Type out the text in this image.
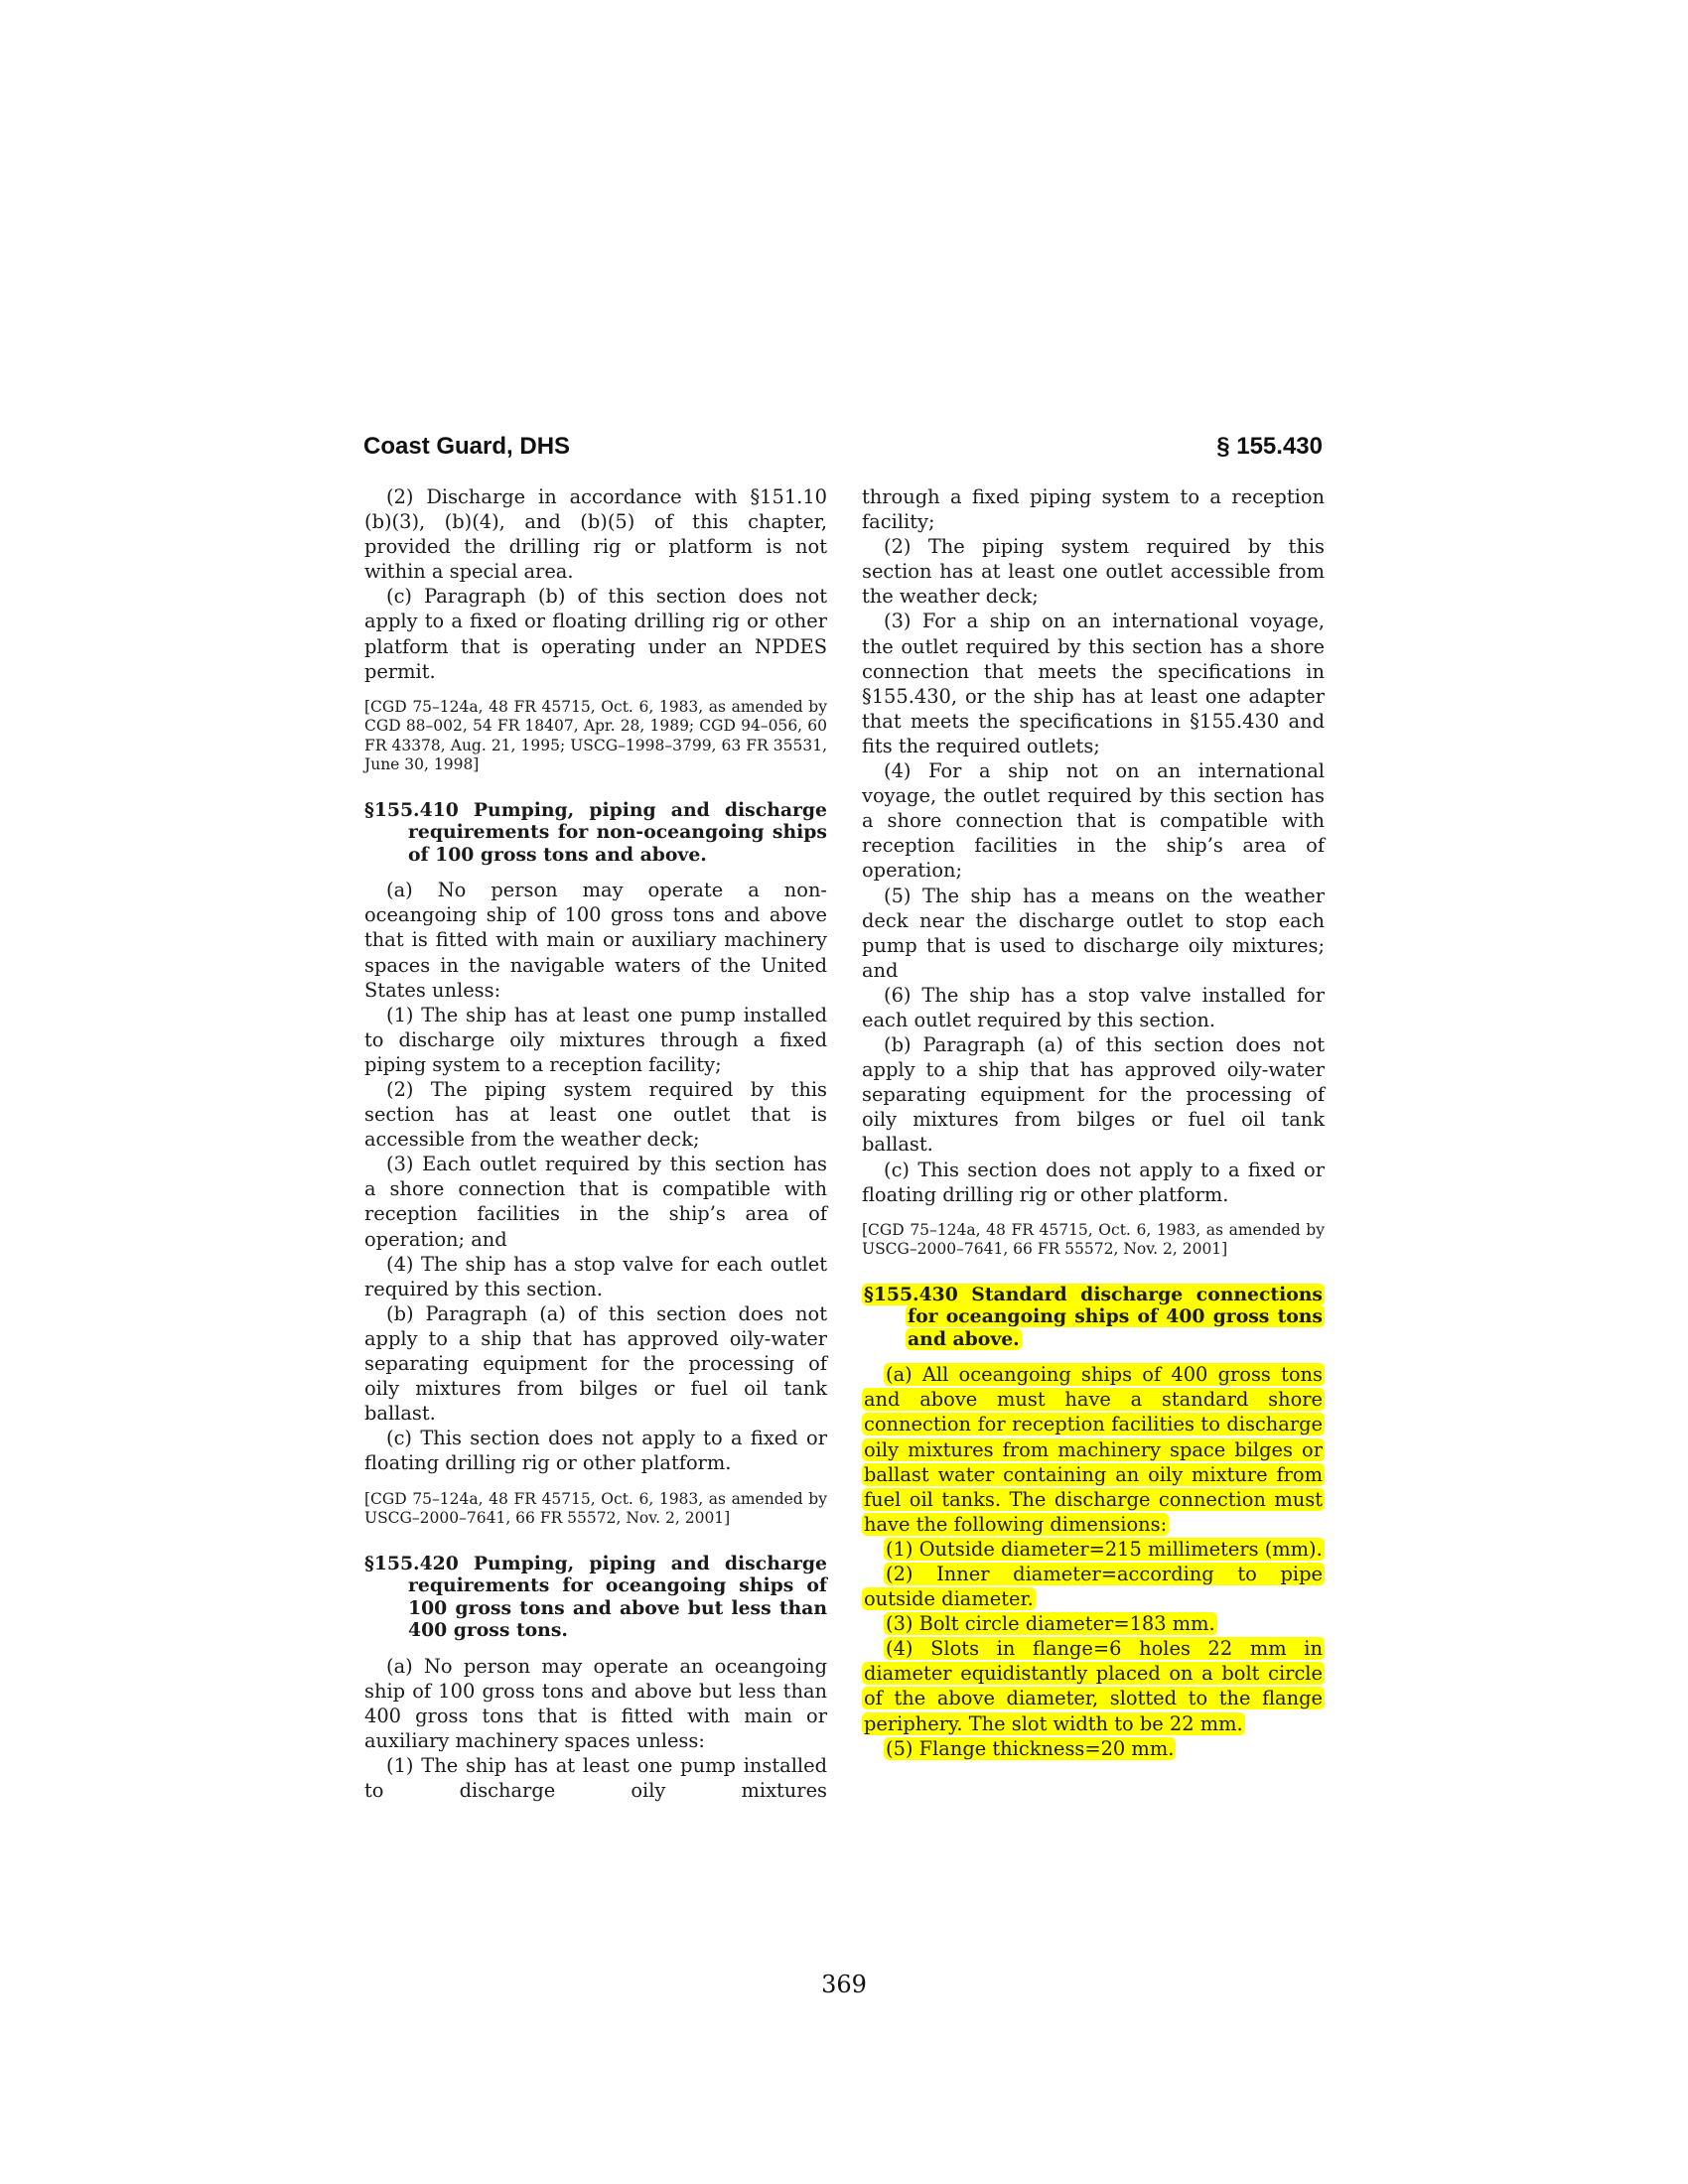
Coast Guard, DHS	§ 155.430

(2) Discharge in accordance with §151.10 (b)(3), (b)(4), and (b)(5) of this chapter, provided the drilling rig or platform is not within a special area.

(c) Paragraph (b) of this section does not apply to a fixed or floating drilling rig or other platform that is operating under an NPDES permit.

[CGD 75–124a, 48 FR 45715, Oct. 6, 1983, as amended by CGD 88–002, 54 FR 18407, Apr. 28, 1989; CGD 94–056, 60 FR 43378, Aug. 21, 1995; USCG–1998–3799, 63 FR 35531, June 30, 1998]

§155.410 Pumping, piping and discharge requirements for non-oceangoing ships of 100 gross tons and above.

(a) No person may operate a non-oceangoing ship of 100 gross tons and above that is fitted with main or auxiliary machinery spaces in the navigable waters of the United States unless:

(1) The ship has at least one pump installed to discharge oily mixtures through a fixed piping system to a reception facility;

(2) The piping system required by this section has at least one outlet that is accessible from the weather deck;

(3) Each outlet required by this section has a shore connection that is compatible with reception facilities in the ship’s area of operation; and

(4) The ship has a stop valve for each outlet required by this section.

(b) Paragraph (a) of this section does not apply to a ship that has approved oily-water separating equipment for the processing of oily mixtures from bilges or fuel oil tank ballast.

(c) This section does not apply to a fixed or floating drilling rig or other platform.

[CGD 75–124a, 48 FR 45715, Oct. 6, 1983, as amended by USCG–2000–7641, 66 FR 55572, Nov. 2, 2001]

§155.420 Pumping, piping and discharge requirements for oceangoing ships of 100 gross tons and above but less than 400 gross tons.

(a) No person may operate an oceangoing ship of 100 gross tons and above but less than 400 gross tons that is fitted with main or auxiliary machinery spaces unless:

(1) The ship has at least one pump installed to discharge oily mixtures

through a fixed piping system to a reception facility;

(2) The piping system required by this section has at least one outlet accessible from the weather deck;

(3) For a ship on an international voyage, the outlet required by this section has a shore connection that meets the specifications in §155.430, or the ship has at least one adapter that meets the specifications in §155.430 and fits the required outlets;

(4) For a ship not on an international voyage, the outlet required by this section has a shore connection that is compatible with reception facilities in the ship’s area of operation;

(5) The ship has a means on the weather deck near the discharge outlet to stop each pump that is used to discharge oily mixtures; and

(6) The ship has a stop valve installed for each outlet required by this section.

(b) Paragraph (a) of this section does not apply to a ship that has approved oily-water separating equipment for the processing of oily mixtures from bilges or fuel oil tank ballast.

(c) This section does not apply to a fixed or floating drilling rig or other platform.

[CGD 75–124a, 48 FR 45715, Oct. 6, 1983, as amended by USCG–2000–7641, 66 FR 55572, Nov. 2, 2001]

§155.430 Standard discharge connections for oceangoing ships of 400 gross tons and above.

(a) All oceangoing ships of 400 gross tons and above must have a standard shore connection for reception facilities to discharge oily mixtures from machinery space bilges or ballast water containing an oily mixture from fuel oil tanks. The discharge connection must have the following dimensions:

(1) Outside diameter=215 millimeters (mm).

(2) Inner diameter=according to pipe outside diameter.

(3) Bolt circle diameter=183 mm.

(4) Slots in flange=6 holes 22 mm in diameter equidistantly placed on a bolt circle of the above diameter, slotted to the flange periphery. The slot width to be 22 mm.

(5) Flange thickness=20 mm.

369
